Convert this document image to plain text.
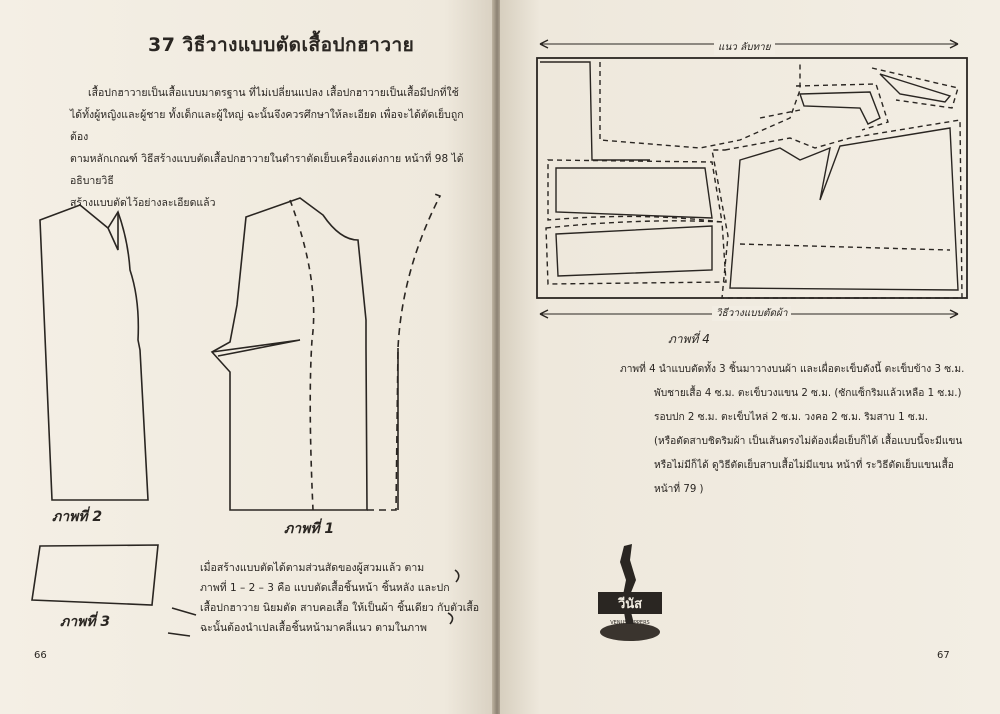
37 วิธีวางแบบตัดเสื้อปกฮาวาย

เสื้อปกฮาวายเป็นเสื้อแบบมาตรฐาน ที่ไม่เปลี่ยนแปลง เสื้อปกฮาวายเป็นเสื้อมีปกที่ใช้

ได้ทั้งผู้หญิงและผู้ชาย ทั้งเด็กและผู้ใหญ่ ฉะนั้นจึงควรศึกษาให้ละเอียด เพื่อจะได้ตัดเย็บถูกต้อง

ตามหลักเกณฑ์ วิธีสร้างแบบตัดเสื้อปกฮาวายในตำราตัดเย็บเครื่องแต่งกาย หน้าที่ 98 ได้อธิบายวิธี

สร้างแบบตัดไว้อย่างละเอียดแล้ว

ภาพที่ 2
ภาพที่ 1
ภาพที่ 3

เมื่อสร้างแบบตัดได้ตามส่วนสัดของผู้สวมแล้ว ตาม

ภาพที่ 1 – 2 – 3 คือ แบบตัดเสื้อชิ้นหน้า ชิ้นหลัง และปก

เสื้อปกฮาวาย นิยมตัด สาบคอเสื้อ ให้เป็นผ้า ชิ้นเดียว กับตัวเสื้อ

ฉะนั้นต้องนำเปลเสื้อชิ้นหน้ามาคลี่แนว ตามในภาพ

66
แนว ลับทาย
วิธีวางแบบตัดผ้า
ภาพที่ 4

ภาพที่ 4 นำแบบตัดทั้ง 3 ชิ้นมาวางบนผ้า และเผื่อตะเข็บดังนี้ ตะเข็บข้าง 3 ซ.ม.

พับชายเสื้อ 4 ซ.ม. ตะเข็บวงแขน 2 ซ.ม. (ซักแซ็กริมแล้วเหลือ 1 ซ.ม.)

รอบปก 2 ซ.ม. ตะเข็บไหล่ 2 ซ.ม. วงคอ 2 ซ.ม. ริมสาบ 1 ซ.ม.

(หรือตัดสาบชิดริมผ้า เป็นเส้นตรงไม่ต้องเผื่อเย็บก็ได้ เสื้อแบบนี้จะมีแขน

หรือไม่มีก็ได้ ดูวิธีตัดเย็บสาบเสื้อไม่มีแขน หน้าที่ ระวิธีตัดเย็บแขนเสื้อ

หน้าที่ 79 )

วีนัส
VENUS ZIPPERS
67
